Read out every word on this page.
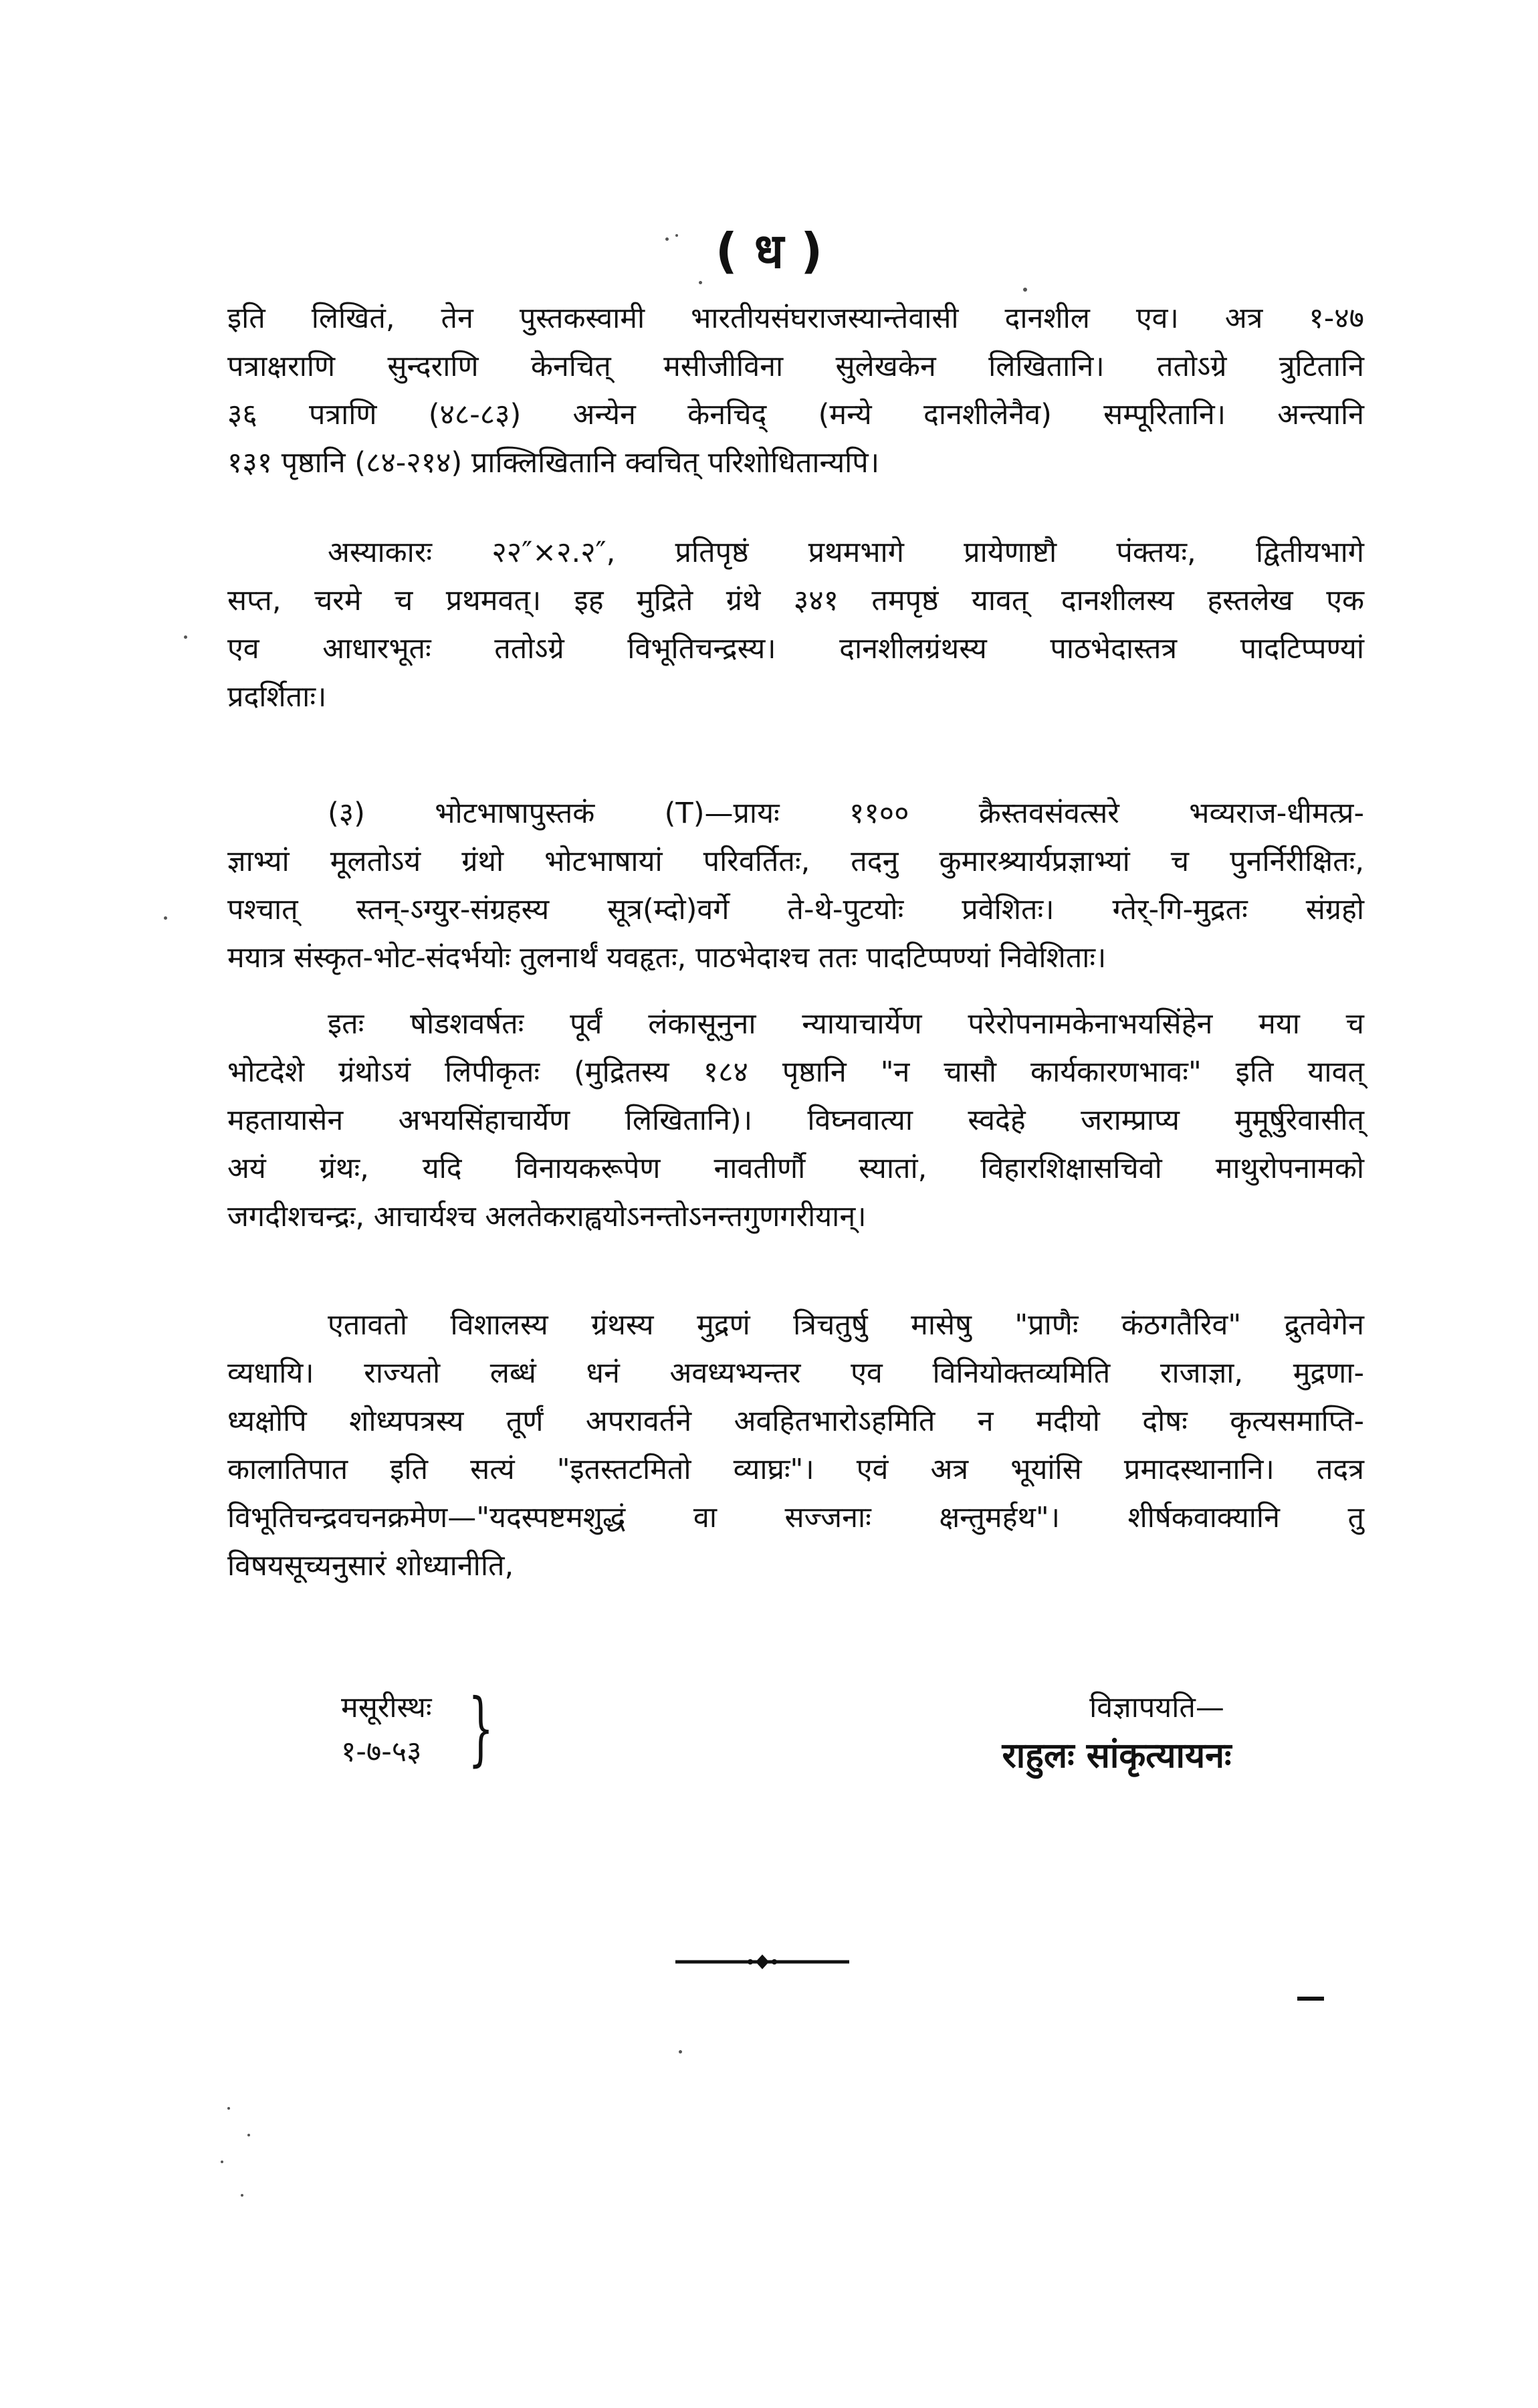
( ध )
इति लिखितं, तेन पुस्तकस्वामी भारतीयसंघराजस्यान्तेवासी दानशील एव। अत्र १-४७
पत्राक्षराणि सुन्दराणि केनचित् मसीजीविना सुलेखकेन लिखितानि। ततोऽग्रे त्रुटितानि
३६ पत्राणि (४८-८३) अन्येन केनचिद् (मन्ये दानशीलेनैव) सम्पूरितानि। अन्त्यानि
१३१ पृष्ठानि (८४-२१४) प्राक्लिखितानि क्वचित् परिशोधितान्यपि।
अस्याकारः २२″×२.२″, प्रतिपृष्ठं प्रथमभागे प्रायेणाष्टौ पंक्तयः, द्वितीयभागे
सप्त, चरमे च प्रथमवत्। इह मुद्रिते ग्रंथे ३४१ तमपृष्ठं यावत् दानशीलस्य हस्तलेख एक
एव आधारभूतः ततोऽग्रे विभूतिचन्द्रस्य। दानशीलग्रंथस्य पाठभेदास्तत्र पादटिप्पण्यां
प्रदर्शिताः।
(३) भोटभाषापुस्तकं (T)—प्रायः ११०० क्रैस्तवसंवत्सरे भव्यराज-धीमत्प्र-
ज्ञाभ्यां मूलतोऽयं ग्रंथो भोटभाषायां परिवर्तितः, तदनु कुमारश्र्यार्यप्रज्ञाभ्यां च पुनर्निरीक्षितः,
पश्चात् स्तन्-ऽग्युर-संग्रहस्य सूत्र(म्दो)वर्गे ते-थे-पुटयोः प्रवेशितः। ग्तेर्-गि-मुद्रतः संग्रहो
मयात्र संस्कृत-भोट-संदर्भयोः तुलनार्थं यवहृतः, पाठभेदाश्च ततः पादटिप्पण्यां निवेशिताः।
इतः षोडशवर्षतः पूर्वं लंकासूनुना न्यायाचार्येण परेरोपनामकेनाभयसिंहेन मया च
भोटदेशे ग्रंथोऽयं लिपीकृतः (मुद्रितस्य १८४ पृष्ठानि "न चासौ कार्यकारणभावः" इति यावत्
महतायासेन अभयसिंहाचार्येण लिखितानि)। विघ्नवात्या स्वदेहे जराम्प्राप्य मुमूर्षुरेवासीत्
अयं ग्रंथः, यदि विनायकरूपेण नावतीर्णौ स्यातां, विहारशिक्षासचिवो माथुरोपनामको
जगदीशचन्द्रः, आचार्यश्च अलतेकराह्वयोऽनन्तोऽनन्तगुणगरीयान्।
एतावतो विशालस्य ग्रंथस्य मुद्रणं त्रिचतुर्षु मासेषु "प्राणैः कंठगतैरिव" द्रुतवेगेन
व्यधायि। राज्यतो लब्धं धनं अवध्यभ्यन्तर एव विनियोक्तव्यमिति राजाज्ञा, मुद्रणा-
ध्यक्षोपि शोध्यपत्रस्य तूर्णं अपरावर्तने अवहितभारोऽहमिति न मदीयो दोषः कृत्यसमाप्ति-
कालातिपात इति सत्यं "इतस्तटमितो व्याघ्रः"। एवं अत्र भूयांसि प्रमादस्थानानि। तदत्र
विभूतिचन्द्रवचनक्रमेण—"यदस्पष्टमशुद्धं वा सज्जनाः क्षन्तुमर्हथ"। शीर्षकवाक्यानि तु
विषयसूच्यनुसारं शोध्यानीति,
मसूरीस्थः
१-७-५३ }	विज्ञापयति—
राहुलः सांकृत्यायनः
